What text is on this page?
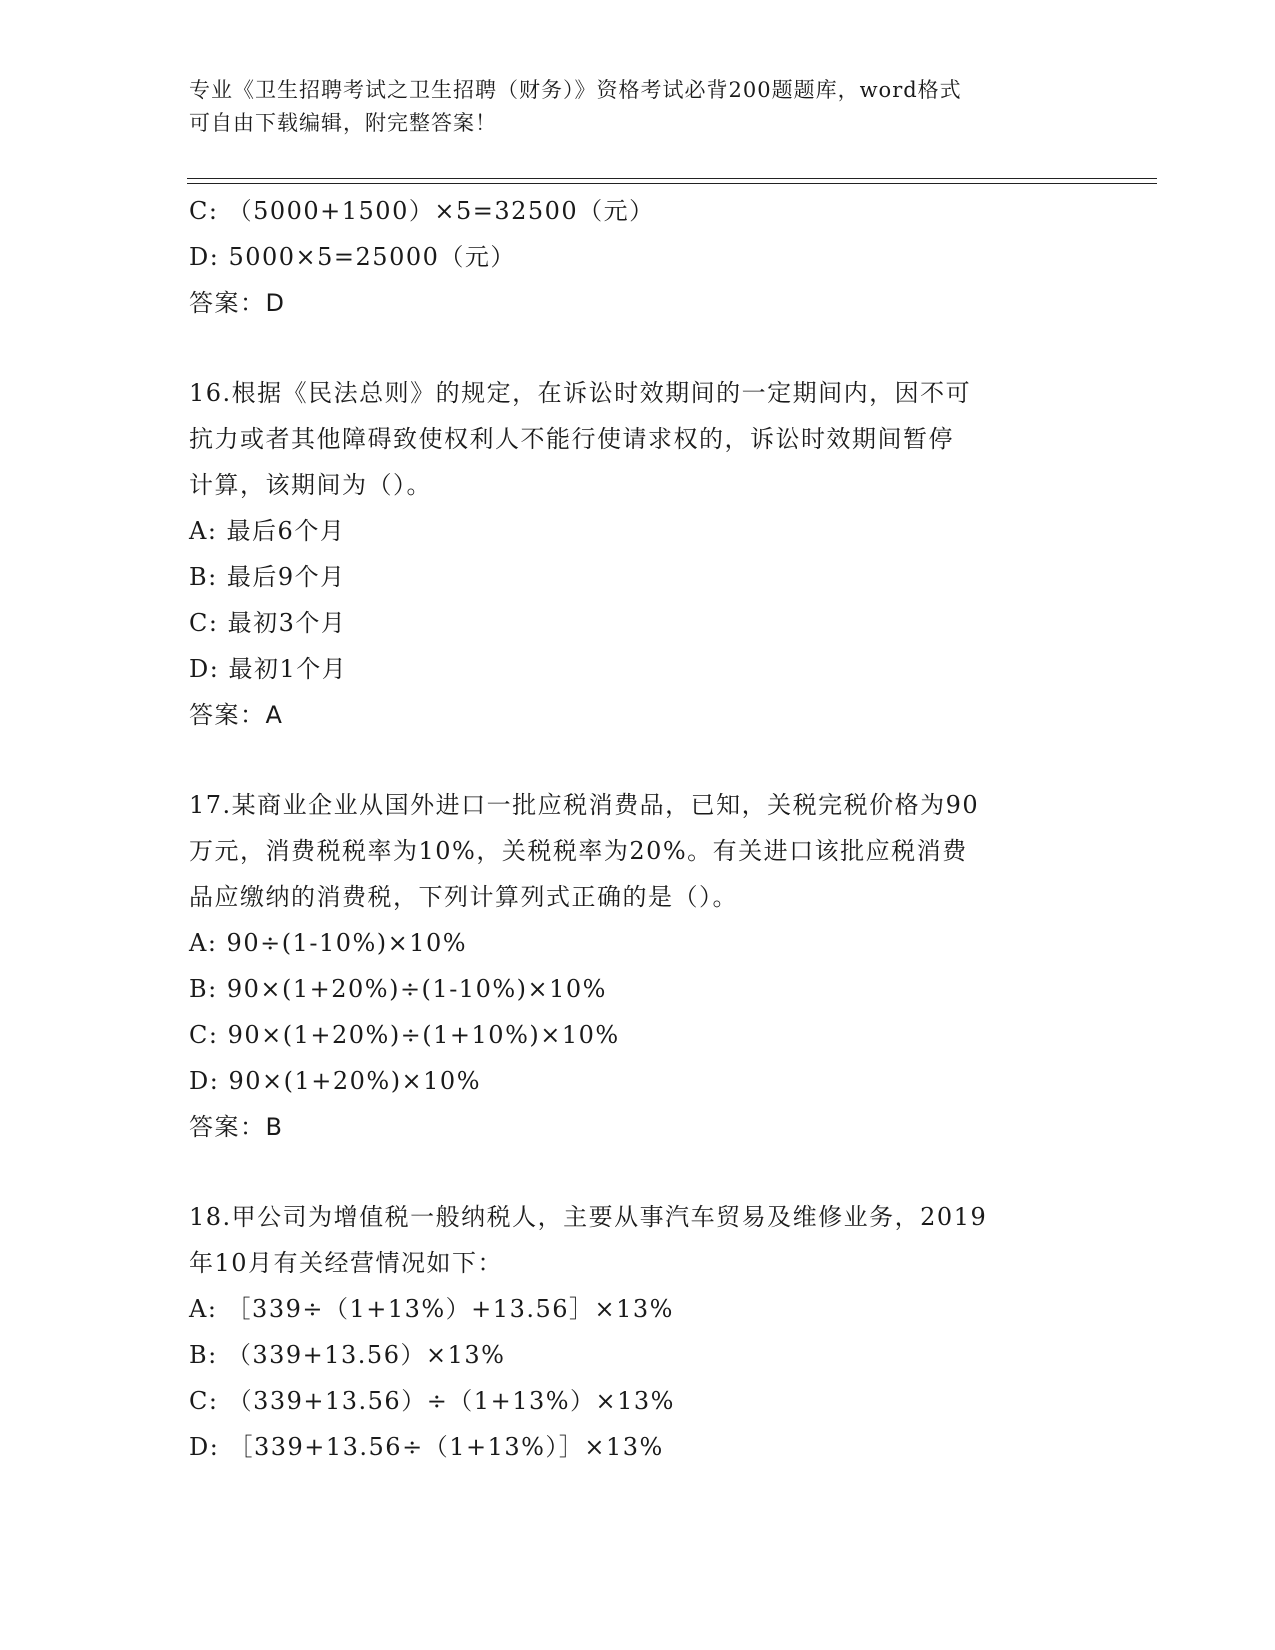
专业《卫生招聘考试之卫生招聘（财务）》资格考试必背200题题库，word格式
可自由下载编辑，附完整答案！
C: （5000+1500）×5=32500（元）
D: 5000×5=25000（元）
答案：D
16.根据《民法总则》的规定，在诉讼时效期间的一定期间内，因不可
抗力或者其他障碍致使权利人不能行使请求权的，诉讼时效期间暂停
计算，该期间为（）。
A: 最后6个月
B: 最后9个月
C: 最初3个月
D: 最初1个月
答案：A
17.某商业企业从国外进口一批应税消费品，已知，关税完税价格为90
万元，消费税税率为10%，关税税率为20%。有关进口该批应税消费
品应缴纳的消费税，下列计算列式正确的是（）。
A: 90÷(1-10%)×10%
B: 90×(1+20%)÷(1-10%)×10%
C: 90×(1+20%)÷(1+10%)×10%
D: 90×(1+20%)×10%
答案：B
18.甲公司为增值税一般纳税人，主要从事汽车贸易及维修业务，2019
年10月有关经营情况如下：
A: ［339÷（1+13%）+13.56］×13%
B: （339+13.56）×13%
C: （339+13.56）÷（1+13%）×13%
D: ［339+13.56÷（1+13%）］×13%
